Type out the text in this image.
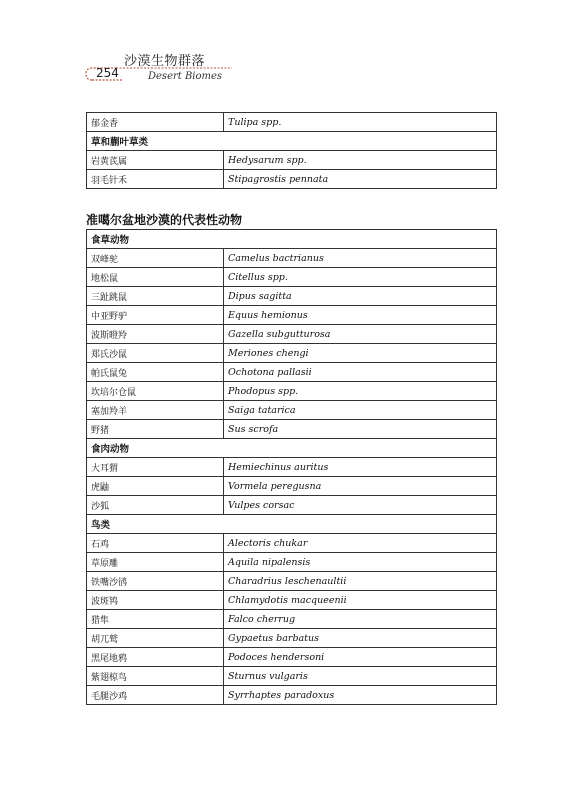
254
沙漠生物群落
Desert Biomes
郁金香	Tulipa spp.
草和蒯叶草类	
岩黄芪属	Hedysarum spp.
羽毛针禾	Stipagrostis pennata
准噶尔盆地沙漠的代表性动物
食草动物	
双峰驼	Camelus bactrianus
地松鼠	Citellus spp.
三趾跳鼠	Dipus sagitta
中亚野驴	Equus hemionus
波斯瞪羚	Gazella subgutturosa
郑氏沙鼠	Meriones chengi
帕氏鼠兔	Ochotona pallasii
坎培尔仓鼠	Phodopus spp.
塞加羚羊	Saiga tatarica
野猪	Sus scrofa
食肉动物	
大耳猬	Hemiechinus auritus
虎鼬	Vormela peregusna
沙狐	Vulpes corsac
鸟类	
石鸡	Alectoris chukar
草原雕	Aquila nipalensis
铁嘴沙鸻	Charadrius leschenaultii
波斑鸨	Chlamydotis macqueenii
猎隼	Falco cherrug
胡兀鹫	Gypaetus barbatus
黑尾地鸦	Podoces hendersoni
紫翅椋鸟	Sturnus vulgaris
毛腿沙鸡	Syrrhaptes paradoxus
